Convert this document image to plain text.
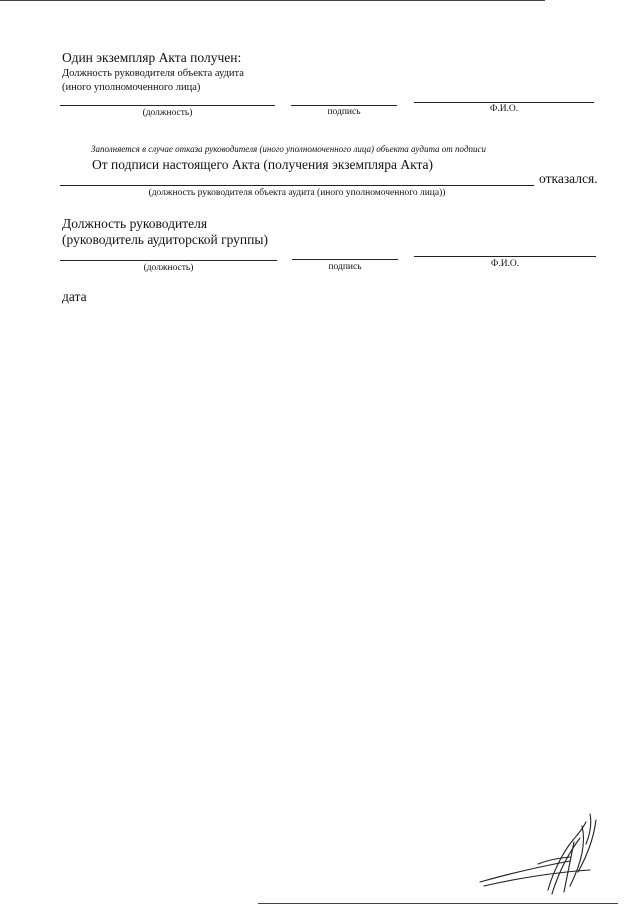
Один экземпляр Акта получен:
Должность руководителя объекта аудита
(иного уполномоченного лица)
(должность)	подпись	Ф.И.О.
Заполняется в случае отказа руководителя (иного уполномоченного лица) объекта аудита от подписи
От подписи настоящего Акта (получения экземпляра Акта)
отказался.
(должность руководителя объекта аудита (иного уполномоченного лица))
Должность руководителя
(руководитель аудиторской группы)
(должность)	подпись	Ф.И.О.
дата
